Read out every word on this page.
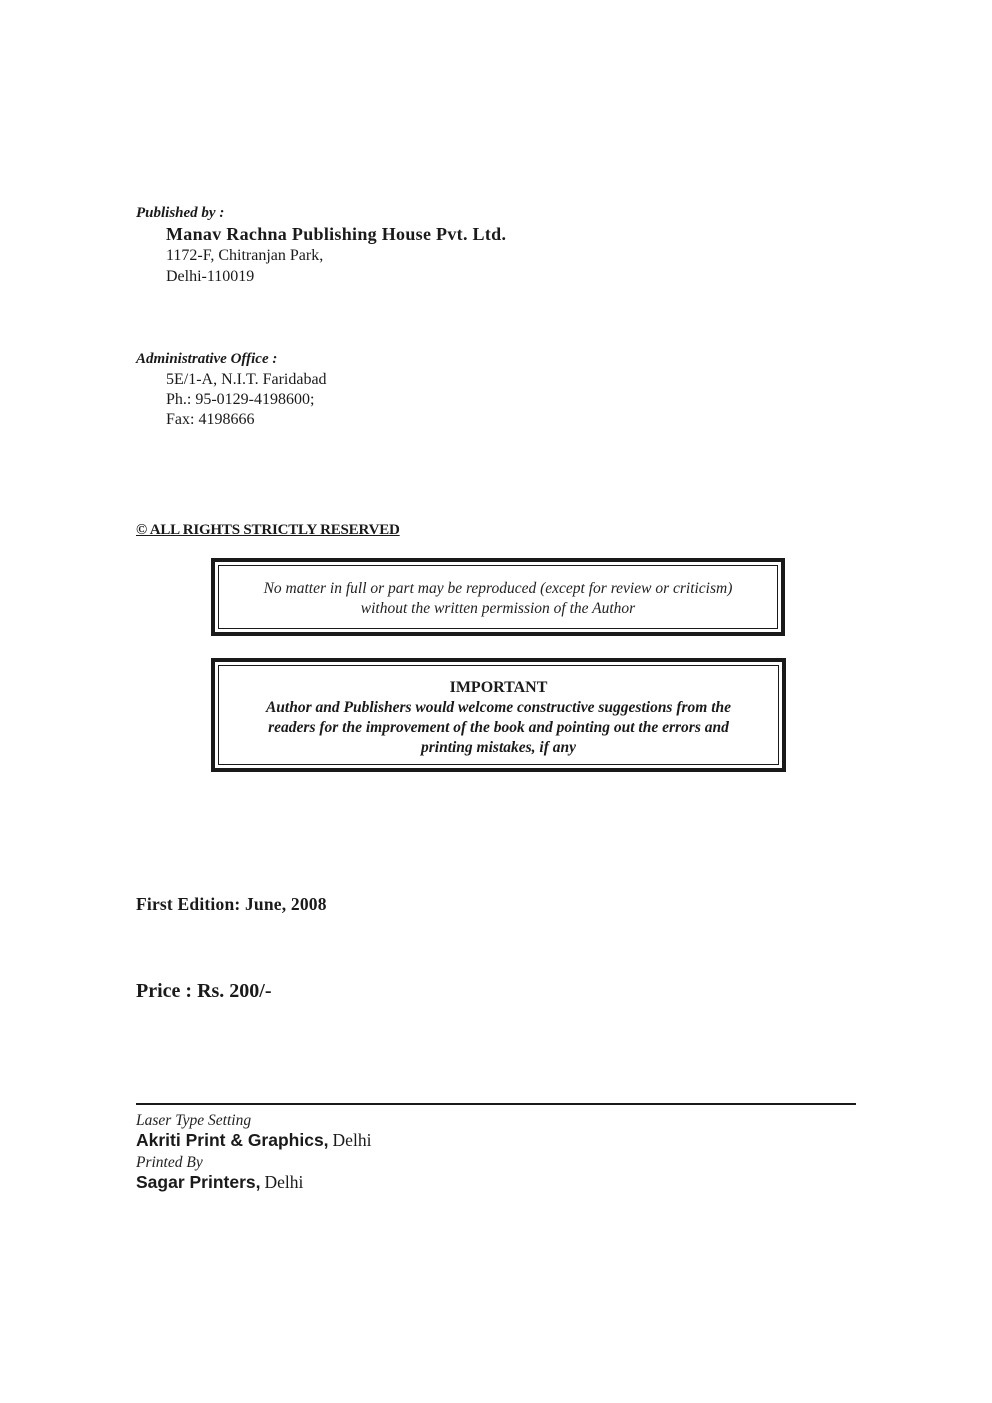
Published by :
Manav Rachna Publishing House Pvt. Ltd.
1172-F, Chitranjan Park,
Delhi-110019
Administrative Office :
5E/1-A, N.I.T. Faridabad
Ph.: 95-0129-4198600;
Fax: 4198666
© ALL RIGHTS STRICTLY RESERVED
No matter in full or part may be reproduced (except for review or criticism)
without the written permission of the Author
IMPORTANT
Author and Publishers would welcome constructive suggestions from the
readers for the improvement of the book and pointing out the errors and
printing mistakes, if any
First Edition: June, 2008
Price : Rs. 200/-
Laser Type Setting
Akriti Print & Graphics, Delhi
Printed By
Sagar Printers, Delhi
